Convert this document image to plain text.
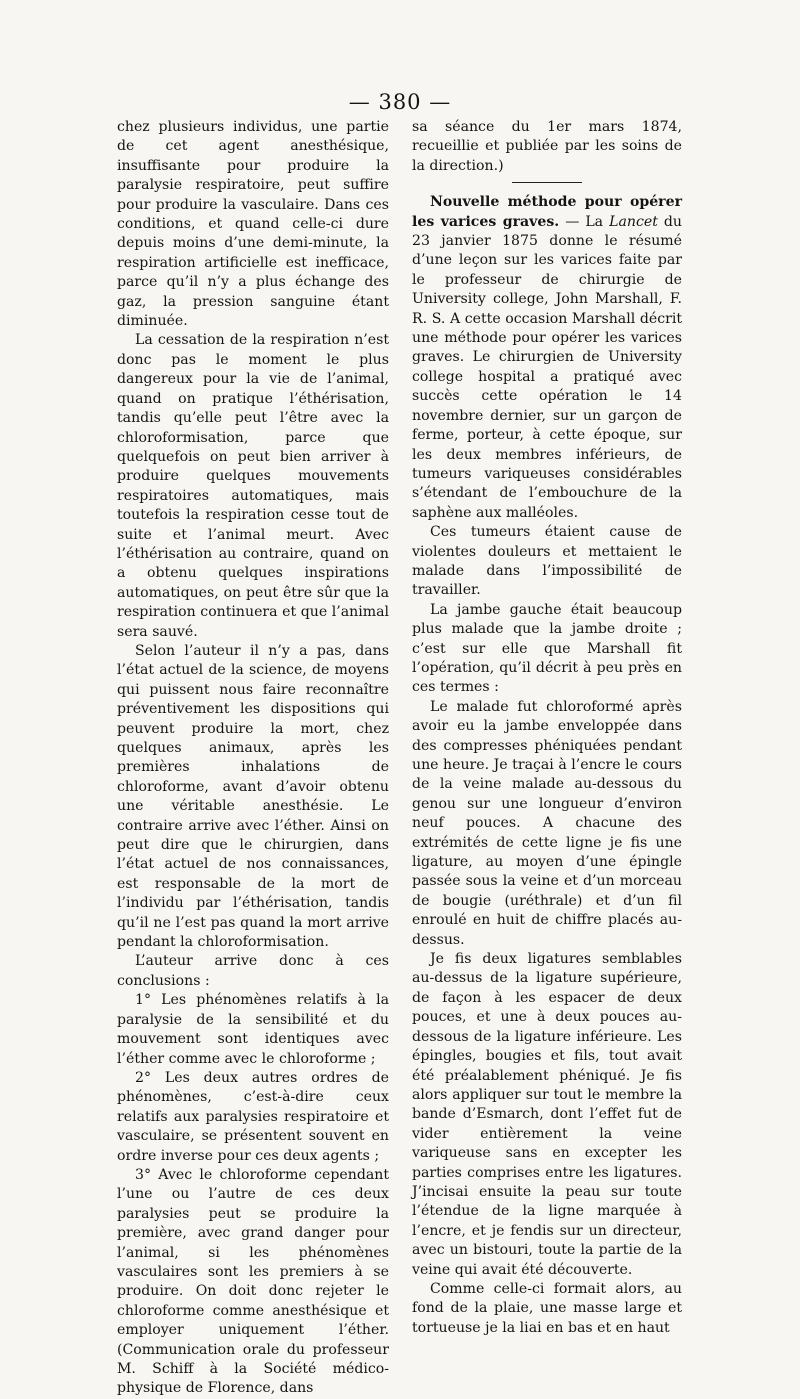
— 380 —

chez plusieurs individus, une partie de cet agent anesthésique, insuffisante pour produire la paralysie respiratoire, peut suffire pour produire la vasculaire. Dans ces conditions, et quand celle-ci dure depuis moins d’une demi-minute, la respiration artificielle est inefficace, parce qu’il n’y a plus échange des gaz, la pression sanguine étant diminuée.

La cessation de la respiration n’est donc pas le moment le plus dangereux pour la vie de l’animal, quand on pratique l’éthérisation, tandis qu’elle peut l’être avec la chloroformisation, parce que quelquefois on peut bien arriver à produire quelques mouvements respiratoires automatiques, mais toutefois la respiration cesse tout de suite et l’animal meurt. Avec l’éthérisation au contraire, quand on a obtenu quelques inspirations automatiques, on peut être sûr que la respiration continuera et que l’animal sera sauvé.

Selon l’auteur il n’y a pas, dans l’état actuel de la science, de moyens qui puissent nous faire reconnaître préventivement les dispositions qui peuvent produire la mort, chez quelques animaux, après les premières inhalations de chloroforme, avant d’avoir obtenu une véritable anesthésie. Le contraire arrive avec l’éther. Ainsi on peut dire que le chirurgien, dans l’état actuel de nos connaissances, est responsable de la mort de l’individu par l’éthérisation, tandis qu’il ne l’est pas quand la mort arrive pendant la chloroformisation.

L’auteur arrive donc à ces conclusions :

1° Les phénomènes relatifs à la paralysie de la sensibilité et du mouvement sont identiques avec l’éther comme avec le chloroforme ;

2° Les deux autres ordres de phénomènes, c’est-à-dire ceux relatifs aux paralysies respiratoire et vasculaire, se présentent souvent en ordre inverse pour ces deux agents ;

3° Avec le chloroforme cependant l’une ou l’autre de ces deux paralysies peut se produire la première, avec grand danger pour l’animal, si les phénomènes vasculaires sont les premiers à se produire. On doit donc rejeter le chloroforme comme anesthésique et employer uniquement l’éther. (Communication orale du professeur M. Schiff à la Société médico-physique de Florence, dans

sa séance du 1er mars 1874, recueillie et publiée par les soins de la direction.)

Nouvelle méthode pour opérer les varices graves. — La Lancet du 23 janvier 1875 donne le résumé d’une leçon sur les varices faite par le professeur de chirurgie de University college, John Marshall, F. R. S. A cette occasion Marshall décrit une méthode pour opérer les varices graves. Le chirurgien de University college hospital a pratiqué avec succès cette opération le 14 novembre dernier, sur un garçon de ferme, porteur, à cette époque, sur les deux membres inférieurs, de tumeurs variqueuses considérables s’étendant de l’embouchure de la saphène aux malléoles.

Ces tumeurs étaient cause de violentes douleurs et mettaient le malade dans l’impossibilité de travailler.

La jambe gauche était beaucoup plus malade que la jambe droite ; c’est sur elle que Marshall fit l’opération, qu’il décrit à peu près en ces termes :

Le malade fut chloroformé après avoir eu la jambe enveloppée dans des compresses phéniquées pendant une heure. Je traçai à l’encre le cours de la veine malade au-dessous du genou sur une longueur d’environ neuf pouces. A chacune des extrémités de cette ligne je fis une ligature, au moyen d’une épingle passée sous la veine et d’un morceau de bougie (uréthrale) et d’un fil enroulé en huit de chiffre placés au-dessus.

Je fis deux ligatures semblables au-dessus de la ligature supérieure, de façon à les espacer de deux pouces, et une à deux pouces au-dessous de la ligature inférieure. Les épingles, bougies et fils, tout avait été préalablement phéniqué. Je fis alors appliquer sur tout le membre la bande d’Esmarch, dont l’effet fut de vider entièrement la veine variqueuse sans en excepter les parties comprises entre les ligatures. J’incisai ensuite la peau sur toute l’étendue de la ligne marquée à l’encre, et je fendis sur un directeur, avec un bistouri, toute la partie de la veine qui avait été découverte.

Comme celle-ci formait alors, au fond de la plaie, une masse large et tortueuse je la liai en bas et en haut
